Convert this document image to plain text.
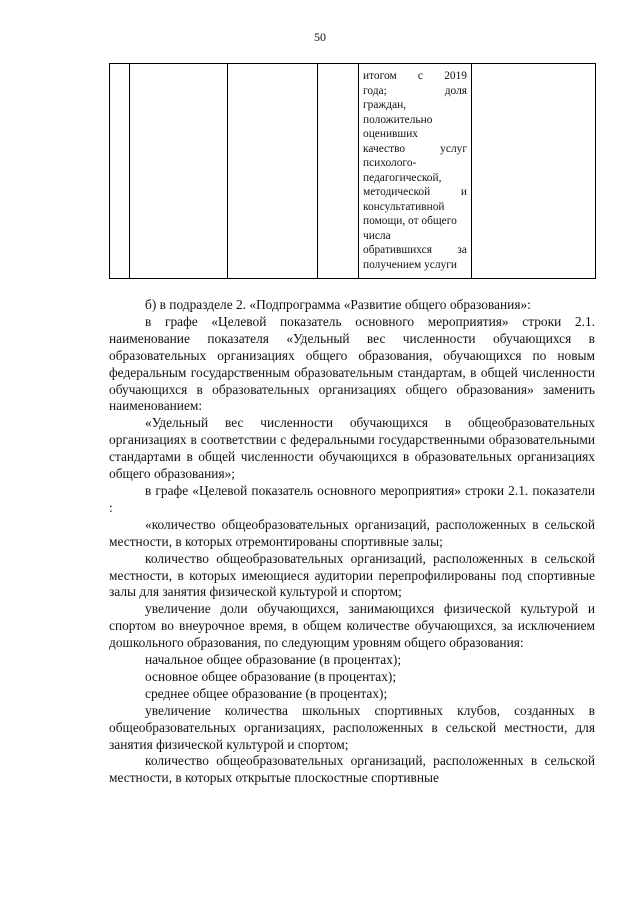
50

итогом с 2019
года; доля
граждан,
положительно
оценивших
качество услуг
психолого-
педагогической,
методической и
консультативной
помощи, от общего
числа
обратившихся за
получением услуги

б) в подразделе 2. «Подпрограмма «Развитие общего образования»:

в графе «Целевой показатель основного мероприятия» строки 2.1. наименование показателя «Удельный вес численности обучающихся в образовательных организациях общего образования, обучающихся по новым федеральным государственным образовательным стандартам, в общей численности обучающихся в образовательных организациях общего образования» заменить наименованием:

«Удельный вес численности обучающихся в общеобразовательных организациях в соответствии с федеральными государственными образовательными стандартами в общей численности обучающихся в образовательных организациях общего образования»;

в графе «Целевой показатель основного мероприятия» строки 2.1. показатели :

«количество общеобразовательных организаций, расположенных в сельской местности, в которых отремонтированы спортивные залы;

количество общеобразовательных организаций, расположенных в сельской местности, в которых имеющиеся аудитории перепрофилированы под спортивные залы для занятия физической культурой и спортом;

увеличение доли обучающихся, занимающихся физической культурой и спортом во внеурочное время, в общем количестве обучающихся, за исключением дошкольного образования, по следующим уровням общего образования:

начальное общее образование (в процентах);

основное общее образование (в процентах);

среднее общее образование (в процентах);

увеличение количества школьных спортивных клубов, созданных в общеобразовательных организациях, расположенных в сельской местности, для занятия физической культурой и спортом;

количество общеобразовательных организаций, расположенных в сельской местности, в которых открытые плоскостные спортивные
